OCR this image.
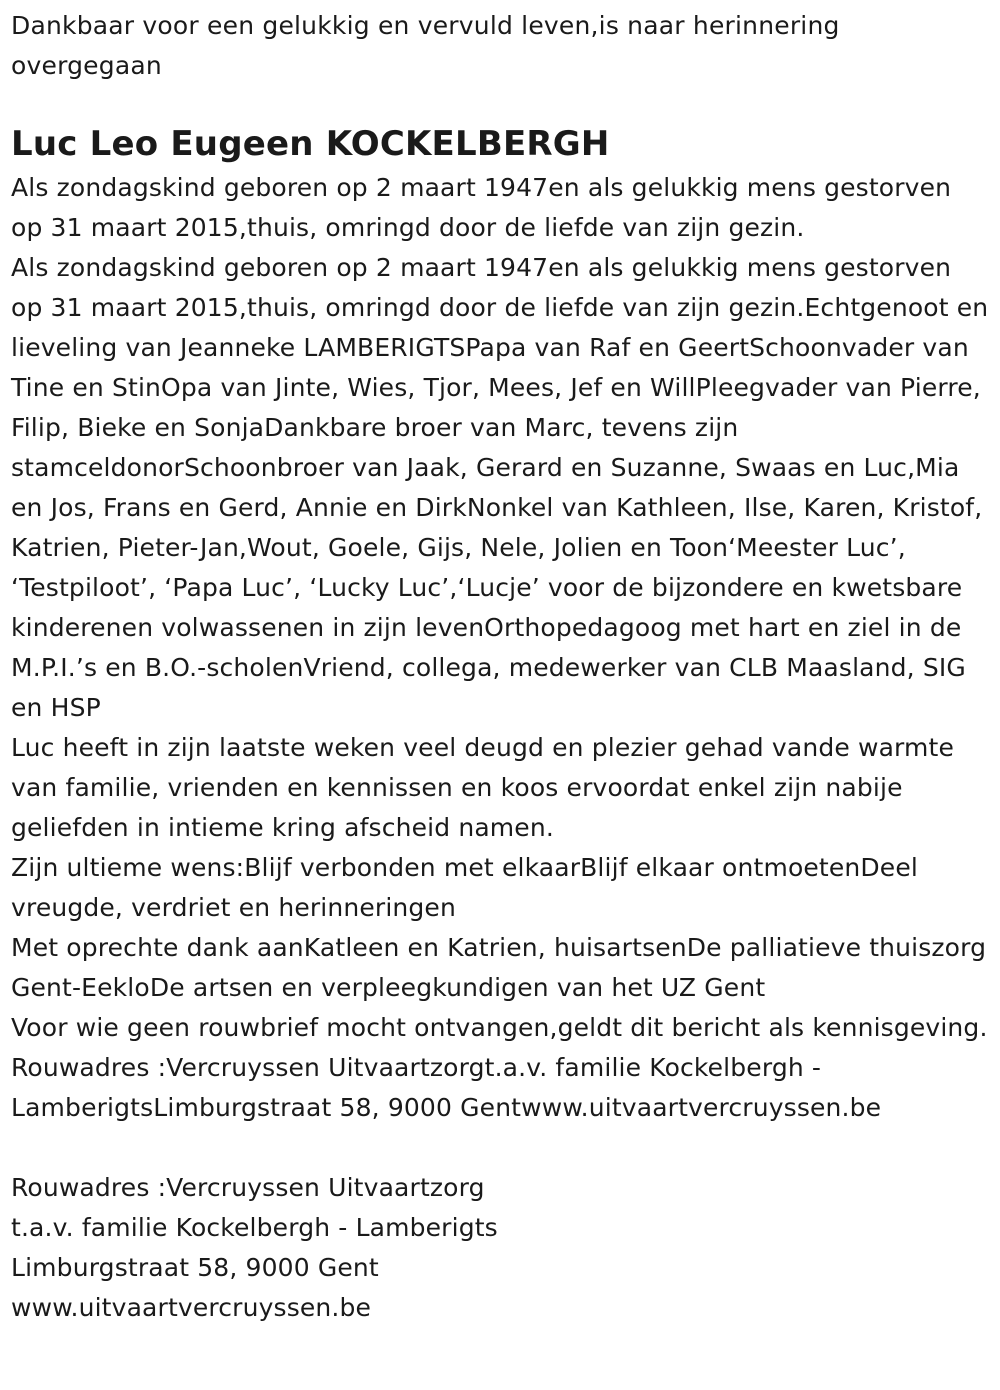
Dankbaar voor een gelukkig en vervuld leven,is naar herinnering overgegaan

Luc Leo Eugeen KOCKELBERGH

Als zondagskind geboren op 2 maart 1947en als gelukkig mens gestorven op 31 maart 2015,thuis, omringd door de liefde van zijn gezin.

Als zondagskind geboren op 2 maart 1947en als gelukkig mens gestorven op 31 maart 2015,thuis, omringd door de liefde van zijn gezin.Echtgenoot en lieveling van Jeanneke LAMBERIGTSPapa van Raf en GeertSchoonvader van Tine en StinOpa van Jinte, Wies, Tjor, Mees, Jef en WillPleegvader van Pierre, Filip, Bieke en SonjaDankbare broer van Marc, tevens zijn stamceldonorSchoonbroer van Jaak, Gerard en Suzanne, Swaas en Luc,Mia en Jos, Frans en Gerd, Annie en DirkNonkel van Kathleen, Ilse, Karen, Kristof, Katrien, Pieter-Jan,Wout, Goele, Gijs, Nele, Jolien en Toon‘Meester Luc’, ‘Testpiloot’, ‘Papa Luc’, ‘Lucky Luc’,‘Lucje’ voor de bijzondere en kwetsbare kinderenen volwassenen in zijn levenOrthopedagoog met hart en ziel in de M.P.I.’s en B.O.-scholenVriend, collega, medewerker van CLB Maasland, SIG en HSP

Luc heeft in zijn laatste weken veel deugd en plezier gehad vande warmte van familie, vrienden en kennissen en koos ervoordat enkel zijn nabije geliefden in intieme kring afscheid namen.

Zijn ultieme wens:Blijf verbonden met elkaarBlijf elkaar ontmoetenDeel vreugde, verdriet en herinneringen

Met oprechte dank aanKatleen en Katrien, huisartsenDe palliatieve thuiszorg Gent-EekloDe artsen en verpleegkundigen van het UZ Gent

Voor wie geen rouwbrief mocht ontvangen,geldt dit bericht als kennisgeving.

Rouwadres :Vercruyssen Uitvaartzorgt.a.v. familie Kockelbergh - LamberigtsLimburgstraat 58, 9000 Gentwww.uitvaartvercruyssen.be

Rouwadres :Vercruyssen Uitvaartzorg

t.a.v. familie Kockelbergh - Lamberigts

Limburgstraat 58, 9000 Gent

www.uitvaartvercruyssen.be
